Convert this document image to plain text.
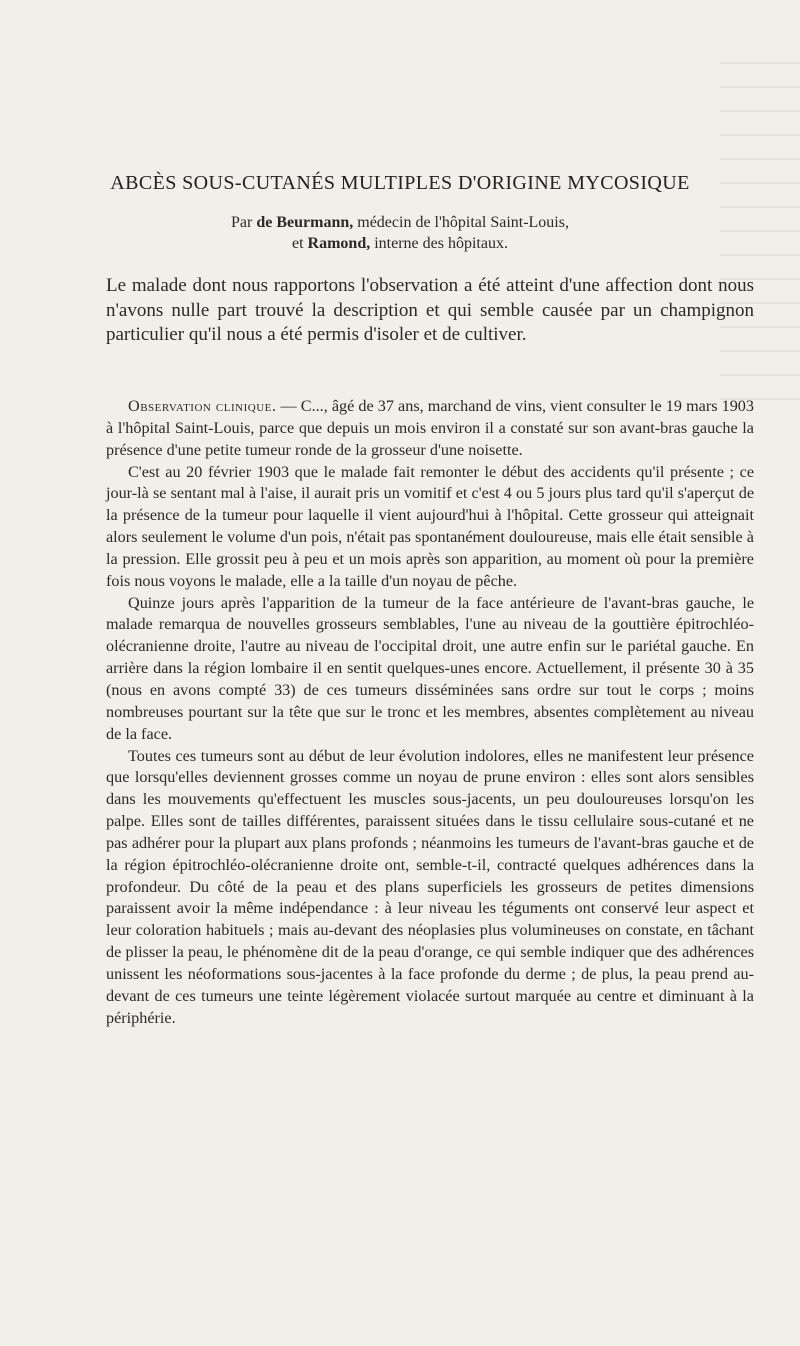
ABCÈS SOUS-CUTANÉS MULTIPLES D'ORIGINE MYCOSIQUE
Par de Beurmann, médecin de l'hôpital Saint-Louis,
et Ramond, interne des hôpitaux.
Le malade dont nous rapportons l'observation a été atteint d'une affection dont nous n'avons nulle part trouvé la description et qui semble causée par un champignon particulier qu'il nous a été permis d'isoler et de cultiver.

Observation clinique. — C..., âgé de 37 ans, marchand de vins, vient consulter le 19 mars 1903 à l'hôpital Saint-Louis, parce que depuis un mois environ il a constaté sur son avant-bras gauche la présence d'une petite tumeur ronde de la grosseur d'une noisette.

C'est au 20 février 1903 que le malade fait remonter le début des accidents qu'il présente ; ce jour-là se sentant mal à l'aise, il aurait pris un vomitif et c'est 4 ou 5 jours plus tard qu'il s'aperçut de la présence de la tumeur pour laquelle il vient aujourd'hui à l'hôpital. Cette grosseur qui atteignait alors seulement le volume d'un pois, n'était pas spontanément douloureuse, mais elle était sensible à la pression. Elle grossit peu à peu et un mois après son apparition, au moment où pour la première fois nous voyons le malade, elle a la taille d'un noyau de pêche.

Quinze jours après l'apparition de la tumeur de la face antérieure de l'avant-bras gauche, le malade remarqua de nouvelles grosseurs semblables, l'une au niveau de la gouttière épitrochléo-olécranienne droite, l'autre au niveau de l'occipital droit, une autre enfin sur le pariétal gauche. En arrière dans la région lombaire il en sentit quelques-unes encore. Actuellement, il présente 30 à 35 (nous en avons compté 33) de ces tumeurs disséminées sans ordre sur tout le corps ; moins nombreuses pourtant sur la tête que sur le tronc et les membres, absentes complètement au niveau de la face.

Toutes ces tumeurs sont au début de leur évolution indolores, elles ne manifestent leur présence que lorsqu'elles deviennent grosses comme un noyau de prune environ : elles sont alors sensibles dans les mouvements qu'effectuent les muscles sous-jacents, un peu douloureuses lorsqu'on les palpe. Elles sont de tailles différentes, paraissent situées dans le tissu cellulaire sous-cutané et ne pas adhérer pour la plupart aux plans profonds ; néanmoins les tumeurs de l'avant-bras gauche et de la région épitrochléo-olécranienne droite ont, semble-t-il, contracté quelques adhérences dans la profondeur. Du côté de la peau et des plans superficiels les grosseurs de petites dimensions paraissent avoir la même indépendance : à leur niveau les téguments ont conservé leur aspect et leur coloration habituels ; mais au-devant des néoplasies plus volumineuses on constate, en tâchant de plisser la peau, le phénomène dit de la peau d'orange, ce qui semble indiquer que des adhérences unissent les néoformations sous-jacentes à la face profonde du derme ; de plus, la peau prend au-devant de ces tumeurs une teinte légèrement violacée surtout marquée au centre et diminuant à la périphérie.
